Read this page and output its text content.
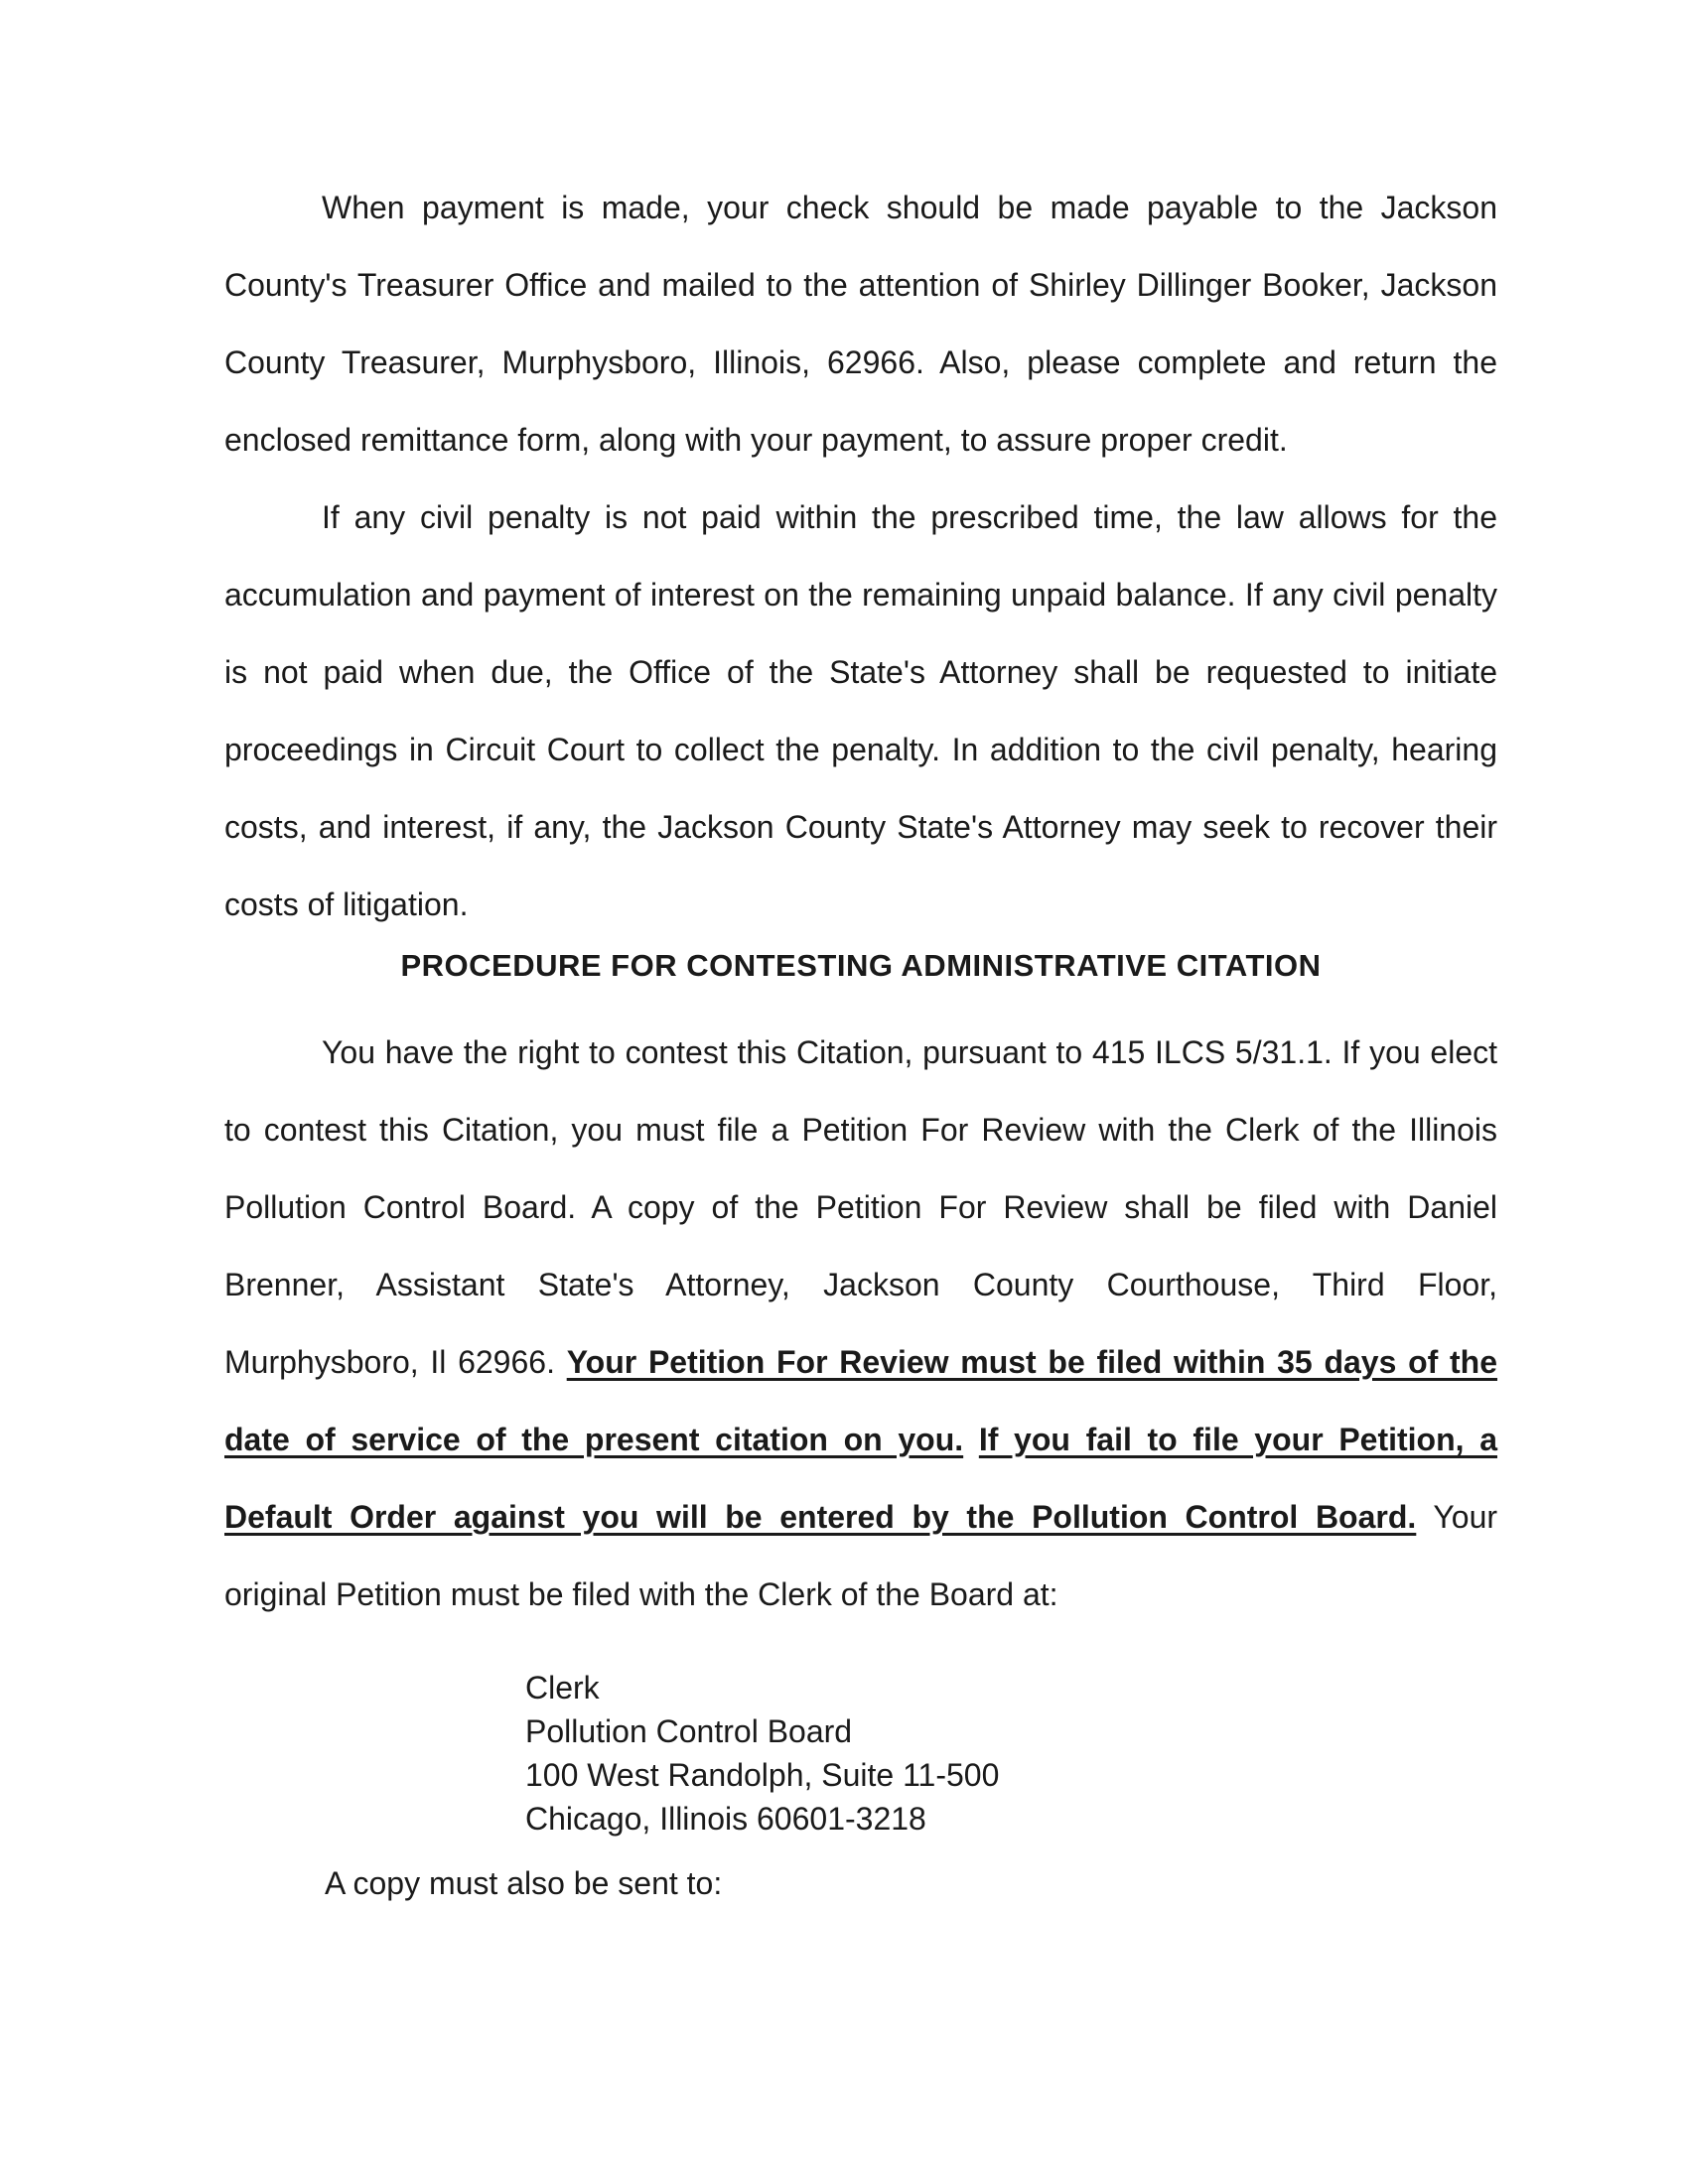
When payment is made, your check should be made payable to the Jackson County's Treasurer Office and mailed to the attention of Shirley Dillinger Booker, Jackson County Treasurer, Murphysboro, Illinois, 62966. Also, please complete and return the enclosed remittance form, along with your payment, to assure proper credit.

If any civil penalty is not paid within the prescribed time, the law allows for the accumulation and payment of interest on the remaining unpaid balance. If any civil penalty is not paid when due, the Office of the State's Attorney shall be requested to initiate proceedings in Circuit Court to collect the penalty. In addition to the civil penalty, hearing costs, and interest, if any, the Jackson County State's Attorney may seek to recover their costs of litigation.

PROCEDURE FOR CONTESTING ADMINISTRATIVE CITATION

You have the right to contest this Citation, pursuant to 415 ILCS 5/31.1. If you elect to contest this Citation, you must file a Petition For Review with the Clerk of the Illinois Pollution Control Board. A copy of the Petition For Review shall be filed with Daniel Brenner, Assistant State's Attorney, Jackson County Courthouse, Third Floor, Murphysboro, Il 62966. Your Petition For Review must be filed within 35 days of the date of service of the present citation on you. If you fail to file your Petition, a Default Order against you will be entered by the Pollution Control Board. Your original Petition must be filed with the Clerk of the Board at:

Clerk
Pollution Control Board
100 West Randolph, Suite 11-500
Chicago, Illinois 60601-3218

A copy must also be sent to:
